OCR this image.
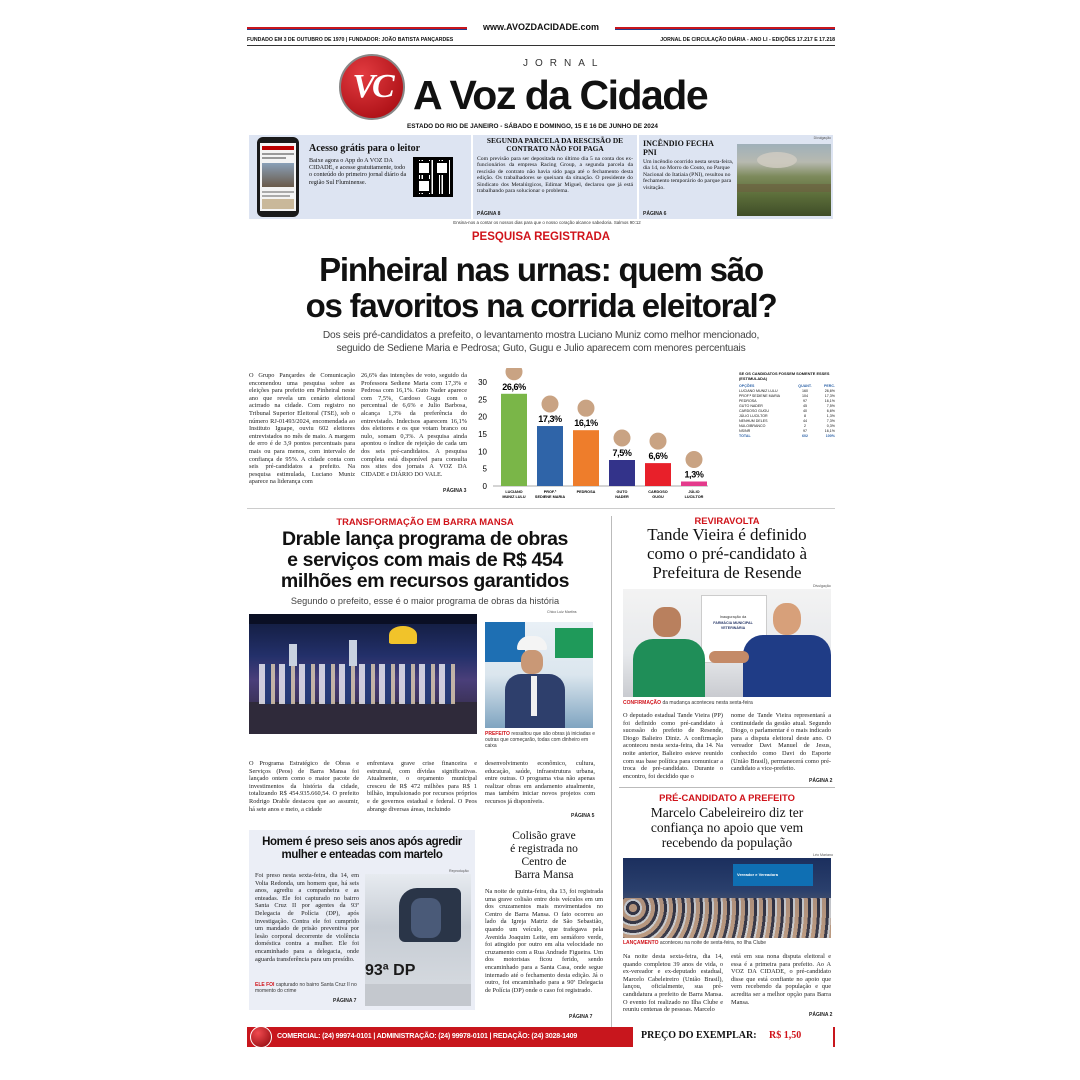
www.AVOZDACIDADE.com
FUNDADO EM 3 DE OUTUBRO DE 1970 | FUNDADOR: JOÃO BATISTA PANÇARDES	JORNAL DE CIRCULAÇÃO DIÁRIA - ANO LI - EDIÇÕES 17.217 E 17.218
VC
JORNAL
A Voz da Cidade
ESTADO DO RIO DE JANEIRO - SÁBADO E DOMINGO, 15 E 16 DE JUNHO DE 2024
Acesso grátis para o leitor
Baixe agora o App do A VOZ DA CIDADE, e acesse gratuitamente, todo o conteúdo do primeiro jornal diário da região Sul Fluminense.
SEGUNDA PARCELA DA RESCISÃO DE CONTRATO NÃO FOI PAGA
Com previsão para ser depositada no último dia 5 na conta dos ex-funcionários da empresa Racing Group, a segunda parcela da rescisão de contrato não havia sido paga até o fechamento desta edição. Os trabalhadores se queixam da situação. O presidente do Sindicato dos Metalúrgicos, Edimar Miguel, declarou que já está trabalhando para solucionar o problema.
PÁGINA 8
INCÊNDIO FECHA PNI
Um incêndio ocorrido nesta sexta-feira, dia 14, no Morro do Couto, no Parque Nacional do Itatiaia (PNI), resultou no fechamento temporário do parque para visitação.
PÁGINA 6
Divulgação
Ensina-nos a contar os nossos dias para que o nosso coração alcance sabedoria. Salmos 90:12
PESQUISA REGISTRADA
Pinheiral nas urnas: quem são
os favoritos na corrida eleitoral?
Dos seis pré-candidatos a prefeito, o levantamento mostra Luciano Muniz como melhor mencionado,
seguido de Sediene Maria e Pedrosa; Guto, Gugu e Julio aparecem com menores percentuais
O Grupo Pançardes de Comunicação encomendou uma pesquisa sobre as eleições para prefeito em Pinheiral neste ano que revela um cenário eleitoral acirrado na cidade. Com registro no Tribunal Superior Eleitoral (TSE), sob o número RJ-01493/2024, encomendada ao Instituto Iguape, ouviu 602 eleitores entrevistados no mês de maio. A margem de erro é de 3,9 pontos percentuais para mais ou para menos, com intervalo de confiança de 95%. A cidade conta com seis pré-candidatos a prefeito. Na pesquisa estimulada, Luciano Muniz aparece na liderança com
26,6% das intenções de voto, seguido da Professora Sediene Maria com 17,3% e Pedrosa com 16,1%. Guto Nader aparece com 7,5%, Cardoso Gugu com o percentual de 6,6% e Julio Barbosa, alcança 1,3% da preferência do entrevistado. Indecisos aparecem 16,1% dos eleitores e os que votam branco ou nulo, somam 0,3%. A pesquisa ainda apontou o índice de rejeição de cada um dos seis pré-candidatos. A pesquisa completa está disponível para consulta nos sites dos jornais A VOZ DA CIDADE e DIÁRIO DO VALE.
PÁGINA 3 0
5
10
15
20
25
30 26,6%
LUCIANO
MUNIZ LULU
17,3%
PROF.ª
SEDIENE MARIA
16,1%
PEDROSA
7,5%
GUTO
NADER
6,6%
CARDOSO
GUGU
1,3%
JÚLIO
LUCILTOR
SE OS CANDIDATOS FOSSEM SOMENTE ESSES (ESTIMULADA)
OPÇÕES	QUANT.	PERC.
LUCIANO MUNIZ LULU	160	26,6%
PROF.ª SEDIENE MARIA	104	17,3%
PEDROSA	97	16,1%
GUTO NADER	45	7,5%
CARDOSO GUGU	40	6,6%
JÚLIO LUCILTOR	8	1,3%
NENHUM DELES	44	7,3%
NULO/BRANCO	2	0,3%
NS/NR	97	16,1%
TOTAL	602	100%
TRANSFORMAÇÃO EM BARRA MANSA
Drable lança programa de obras
e serviços com mais de R$ 454
milhões em recursos garantidos
Segundo o prefeito, esse é o maior programa de obras da história
Chico Luiz Martins
PREFEITO ressaltou que são obras já iniciadas e outras que começarão, todas com dinheiro em caixa
O Programa Estratégico de Obras e Serviços (Peos) de Barra Mansa foi lançado ontem como o maior pacote de investimentos da história da cidade, totalizando R$ 454.935.660,54. O prefeito Rodrigo Drable destacou que ao assumir, há sete anos e meio, a cidade
enfrentava grave crise financeira e estrutural, com dívidas significativas. Atualmente, o orçamento municipal cresceu de R$ 472 milhões para R$ 1 bilhão, impulsionado por recursos próprios e de governos estadual e federal. O Peos abrange diversas áreas, incluindo
desenvolvimento econômico, cultura, educação, saúde, infraestrutura urbana, entre outras. O programa visa não apenas realizar obras em andamento atualmente, mas também iniciar novos projetos com recursos já disponíveis.
PÁGINA 5
REVIRAVOLTA
Tande Vieira é definido
como o pré-candidato à
Prefeitura de Resende
Divulgação
Inauguração da
FARMÁCIA MUNICIPAL
VETERINÁRIA
CONFIRMAÇÃO da mudança aconteceu nesta sexta-feira
O deputado estadual Tande Vieira (PP) foi definido como pré-candidato à sucessão do prefeito de Resende, Diogo Balieiro Diniz. A confirmação aconteceu nesta sexta-feira, dia 14. Na noite anterior, Balieiro esteve reunido com sua base política para comunicar a troca de pré-candidato. Durante o encontro, foi decidido que o
nome de Tande Vieira representará a continuidade da gestão atual. Segundo Diogo, o parlamentar é o mais indicado para a disputa eleitoral deste ano. O vereador Davi Manuel de Jesus, conhecido como Davi do Esporte (União Brasil), permanecerá como pré-candidato a vice-prefeito.
PÁGINA 2
PRÉ-CANDIDATO A PREFEITO
Marcelo Cabeleireiro diz ter
confiança no apoio que vem
recebendo da população
Léo Mariano
Vereador e Vereadora
LANÇAMENTO aconteceu na noite de sexta-feira, no Ilha Clube
Na noite desta sexta-feira, dia 14, quando completou 39 anos de vida, o ex-vereador e ex-deputado estadual, Marcelo Cabeleireiro (União Brasil), lançou, oficialmente, sua pré-candidatura a prefeito de Barra Mansa. O evento foi realizado no Ilha Clube e reuniu centenas de pessoas. Marcelo
está em sua nona disputa eleitoral e essa é a primeira para prefeito. Ao A VOZ DA CIDADE, o pré-candidato disse que está confiante no apoio que vem recebendo da população e que acredita ser a melhor opção para Barra Mansa.
PÁGINA 2
Homem é preso seis anos após agredir
mulher e enteadas com martelo
Foi preso nesta sexta-feira, dia 14, em Volta Redonda, um homem que, há seis anos, agrediu a companheira e as enteadas. Ele foi capturado no bairro Santa Cruz II por agentes da 93ª Delegacia de Polícia (DP), após investigação. Contra ele foi cumprido um mandado de prisão preventiva por lesão corporal decorrente de violência doméstica contra a mulher. Ele foi encaminhado para a delegacia, onde aguarda transferência para um presídio.
Reprodução
93ª DP
ELE FOI capturado no bairro Santa Cruz II no momento do crime
PÁGINA 7
Colisão grave
é registrada no
Centro de
Barra Mansa
Na noite de quinta-feira, dia 13, foi registrada uma grave colisão entre dois veículos em um dos cruzamentos mais movimentados no Centro de Barra Mansa. O fato ocorreu ao lado da Igreja Matriz de São Sebastião, quando um veículo, que trafegava pela Avenida Joaquim Leite, em semáforo verde, foi atingido por outro em alta velocidade no cruzamento com a Rua Andrade Figueira. Um dos motoristas ficou ferido, sendo encaminhado para a Santa Casa, onde segue internado até o fechamento desta edição. Já o outro, foi encaminhado para a 90ª Delegacia de Polícia (DP) onde o caso foi registrado.
PÁGINA 7
COMERCIAL: (24) 99974-0101 | ADMINISTRAÇÃO: (24) 99978-0101 | REDAÇÃO: (24) 3028-1409	PREÇO DO EXEMPLAR: R$ 1,50
